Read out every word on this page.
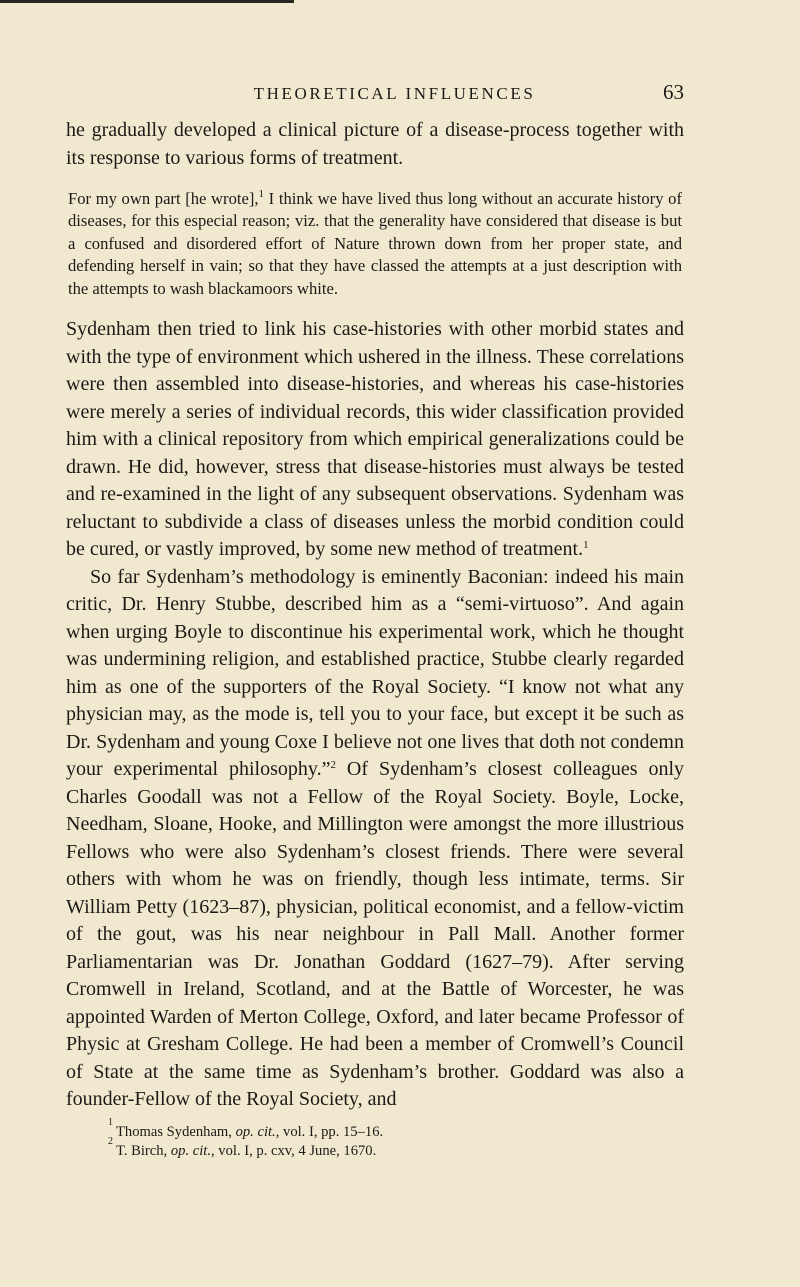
THEORETICAL INFLUENCES	63

he gradually developed a clinical picture of a disease-process together with its response to various forms of treatment.

For my own part [he wrote],$^1$ I think we have lived thus long without an accurate history of diseases, for this especial reason; viz. that the generality have considered that disease is but a confused and disordered effort of Nature thrown down from her proper state, and defending herself in vain; so that they have classed the attempts at a just description with the attempts to wash blackamoors white.

Sydenham then tried to link his case-histories with other morbid states and with the type of environment which ushered in the illness. These correlations were then assembled into disease-histories, and whereas his case-histories were merely a series of individual records, this wider classification provided him with a clinical repository from which empirical generalizations could be drawn. He did, however, stress that disease-histories must always be tested and re-examined in the light of any subsequent observations. Sydenham was reluctant to subdivide a class of diseases unless the morbid condition could be cured, or vastly improved, by some new method of treatment.$^1$

So far Sydenham’s methodology is eminently Baconian: indeed his main critic, Dr. Henry Stubbe, described him as a “semi-virtuoso”. And again when urging Boyle to discontinue his experimental work, which he thought was undermining religion, and established practice, Stubbe clearly regarded him as one of the supporters of the Royal Society. “I know not what any physician may, as the mode is, tell you to your face, but except it be such as Dr. Sydenham and young Coxe I believe not one lives that doth not condemn your experimental philosophy.”$^2$ Of Sydenham’s closest colleagues only Charles Goodall was not a Fellow of the Royal Society. Boyle, Locke, Needham, Sloane, Hooke, and Millington were amongst the more illustrious Fellows who were also Sydenham’s closest friends. There were several others with whom he was on friendly, though less intimate, terms. Sir William Petty (1623–87), physician, political economist, and a fellow-victim of the gout, was his near neighbour in Pall Mall. Another former Parliamentarian was Dr. Jonathan Goddard (1627–79). After serving Cromwell in Ireland, Scotland, and at the Battle of Worcester, he was appointed Warden of Merton College, Oxford, and later became Professor of Physic at Gresham College. He had been a member of Cromwell’s Council of State at the same time as Sydenham’s brother. Goddard was also a founder-Fellow of the Royal Society, and

1
Thomas Sydenham, op. cit., vol. I, pp. 15–16.
2
T. Birch, op. cit., vol. I, p. cxv, 4 June, 1670.
